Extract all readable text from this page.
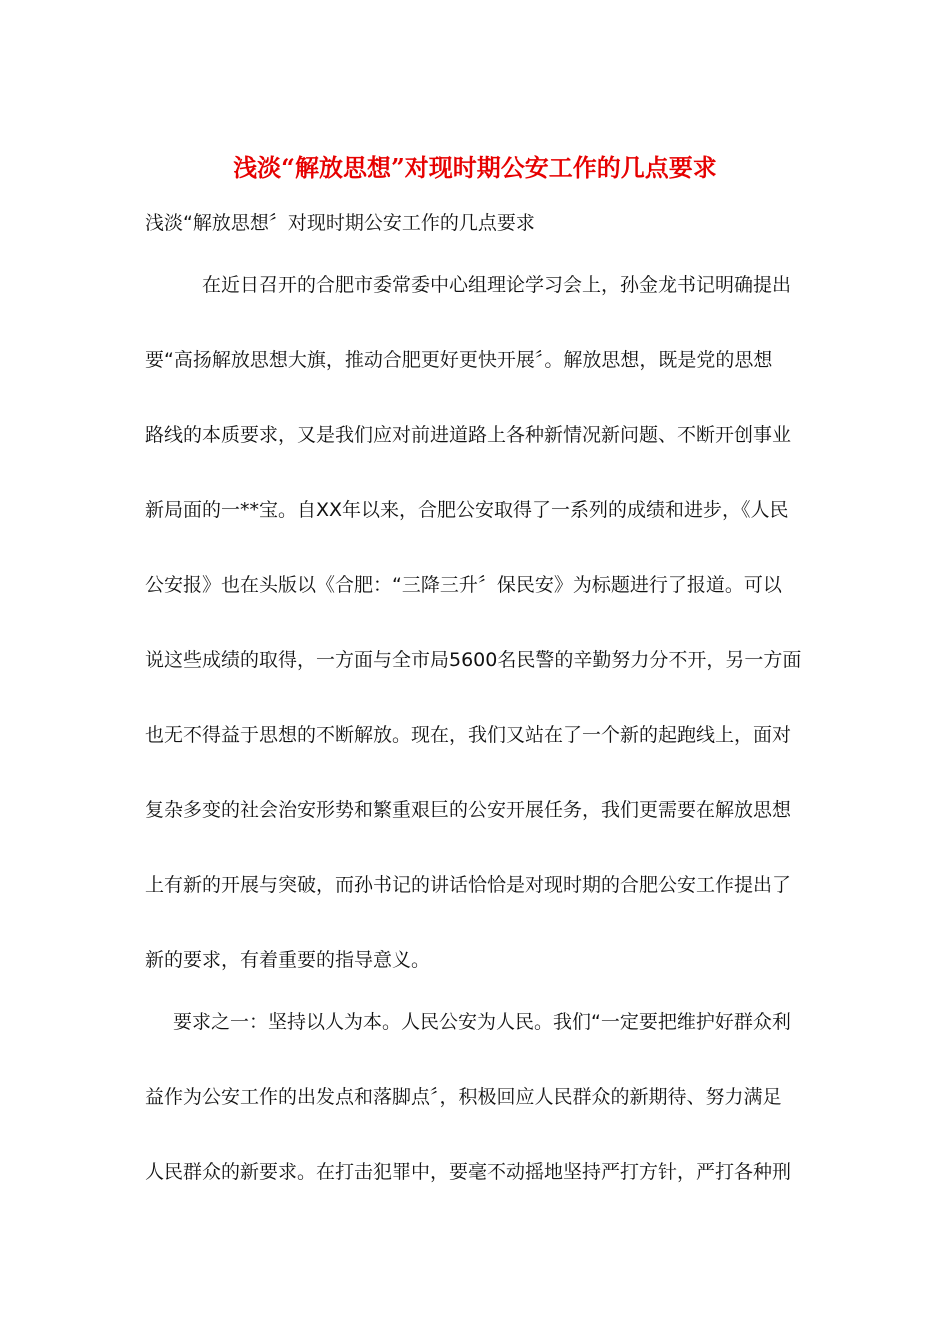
浅淡“解放思想”对现时期公安工作的几点要求

浅淡“解放思想〞对现时期公安工作的几点要求

在近日召开的合肥市委常委中心组理论学习会上，孙金龙书记明确提出

要“高扬解放思想大旗，推动合肥更好更快开展〞。解放思想，既是党的思想

路线的本质要求，又是我们应对前进道路上各种新情况新问题、不断开创事业

新局面的一**宝。自XX年以来，合肥公安取得了一系列的成绩和进步，《人民

公安报》也在头版以《合肥：“三降三升〞保民安》为标题进行了报道。可以

说这些成绩的取得，一方面与全市局5600名民警的辛勤努力分不开，另一方面

也无不得益于思想的不断解放。现在，我们又站在了一个新的起跑线上，面对

复杂多变的社会治安形势和繁重艰巨的公安开展任务，我们更需要在解放思想

上有新的开展与突破，而孙书记的讲话恰恰是对现时期的合肥公安工作提出了

新的要求，有着重要的指导意义。

要求之一：坚持以人为本。人民公安为人民。我们“一定要把维护好群众利

益作为公安工作的出发点和落脚点〞，积极回应人民群众的新期待、努力满足

人民群众的新要求。在打击犯罪中，要毫不动摇地坚持严打方针，严打各种刑
